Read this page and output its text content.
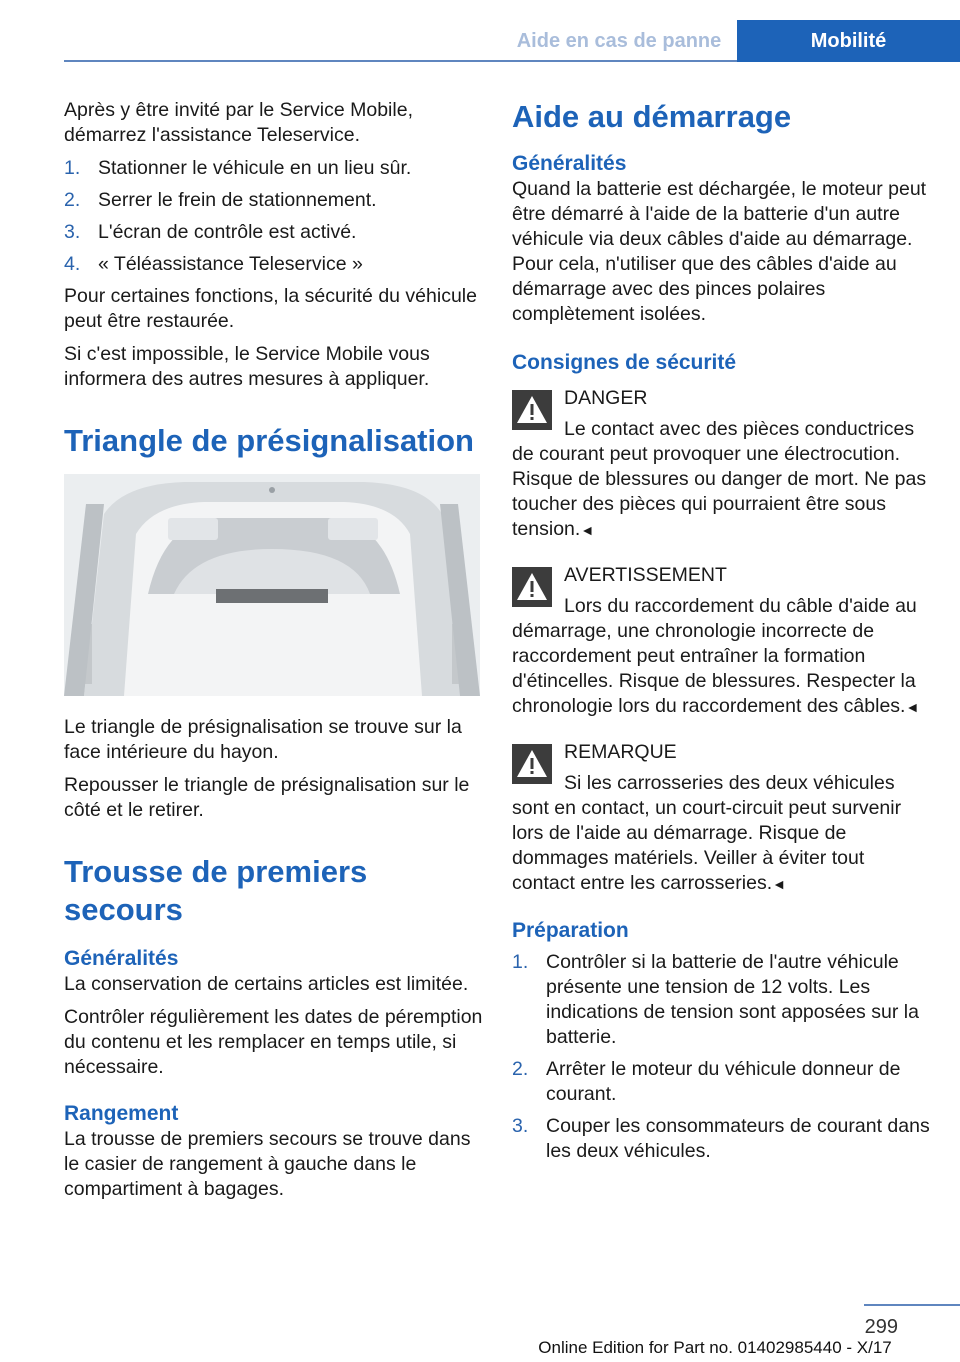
Aide en cas de panne	Mobilité

Après y être invité par le Service Mobile, démarrez l'assistance Teleservice.

1. Stationner le véhicule en un lieu sûr.
2. Serrer le frein de stationnement.
3. L'écran de contrôle est activé.
4. « Téléassistance Teleservice »

Pour certaines fonctions, la sécurité du véhicule peut être restaurée.

Si c'est impossible, le Service Mobile vous informera des autres mesures à appliquer.

Triangle de présignalisation

Le triangle de présignalisation se trouve sur la face intérieure du hayon.

Repousser le triangle de présignalisation sur le côté et le retirer.

Trousse de premiers secours
Généralités

La conservation de certains articles est limitée.

Contrôler régulièrement les dates de péremption du contenu et les remplacer en temps utile, si nécessaire.

Rangement

La trousse de premiers secours se trouve dans le casier de rangement à gauche dans le compartiment à bagages.

Aide au démarrage
Généralités

Quand la batterie est déchargée, le moteur peut être démarré à l'aide de la batterie d'un autre véhicule via deux câbles d'aide au démarrage. Pour cela, n'utiliser que des câbles d'aide au démarrage avec des pinces polaires complètement isolées.

Consignes de sécurité
DANGER
Le contact avec des pièces conductrices de courant peut provoquer une électrocution. Risque de blessures ou danger de mort. Ne pas toucher des pièces qui pourraient être sous tension.◄
AVERTISSEMENT
Lors du raccordement du câble d'aide au démarrage, une chronologie incorrecte de raccordement peut entraîner la formation d'étincelles. Risque de blessures. Respecter la chronologie lors du raccordement des câbles.◄
REMARQUE
Si les carrosseries des deux véhicules sont en contact, un court-circuit peut survenir lors de l'aide au démarrage. Risque de dommages matériels. Veiller à éviter tout contact entre les carrosseries.◄
Préparation
1. Contrôler si la batterie de l'autre véhicule présente une tension de 12 volts. Les indications de tension sont apposées sur la batterie.
2. Arrêter le moteur du véhicule donneur de courant.
3. Couper les consommateurs de courant dans les deux véhicules.
299
Online Edition for Part no. 01402985440 - X/17
